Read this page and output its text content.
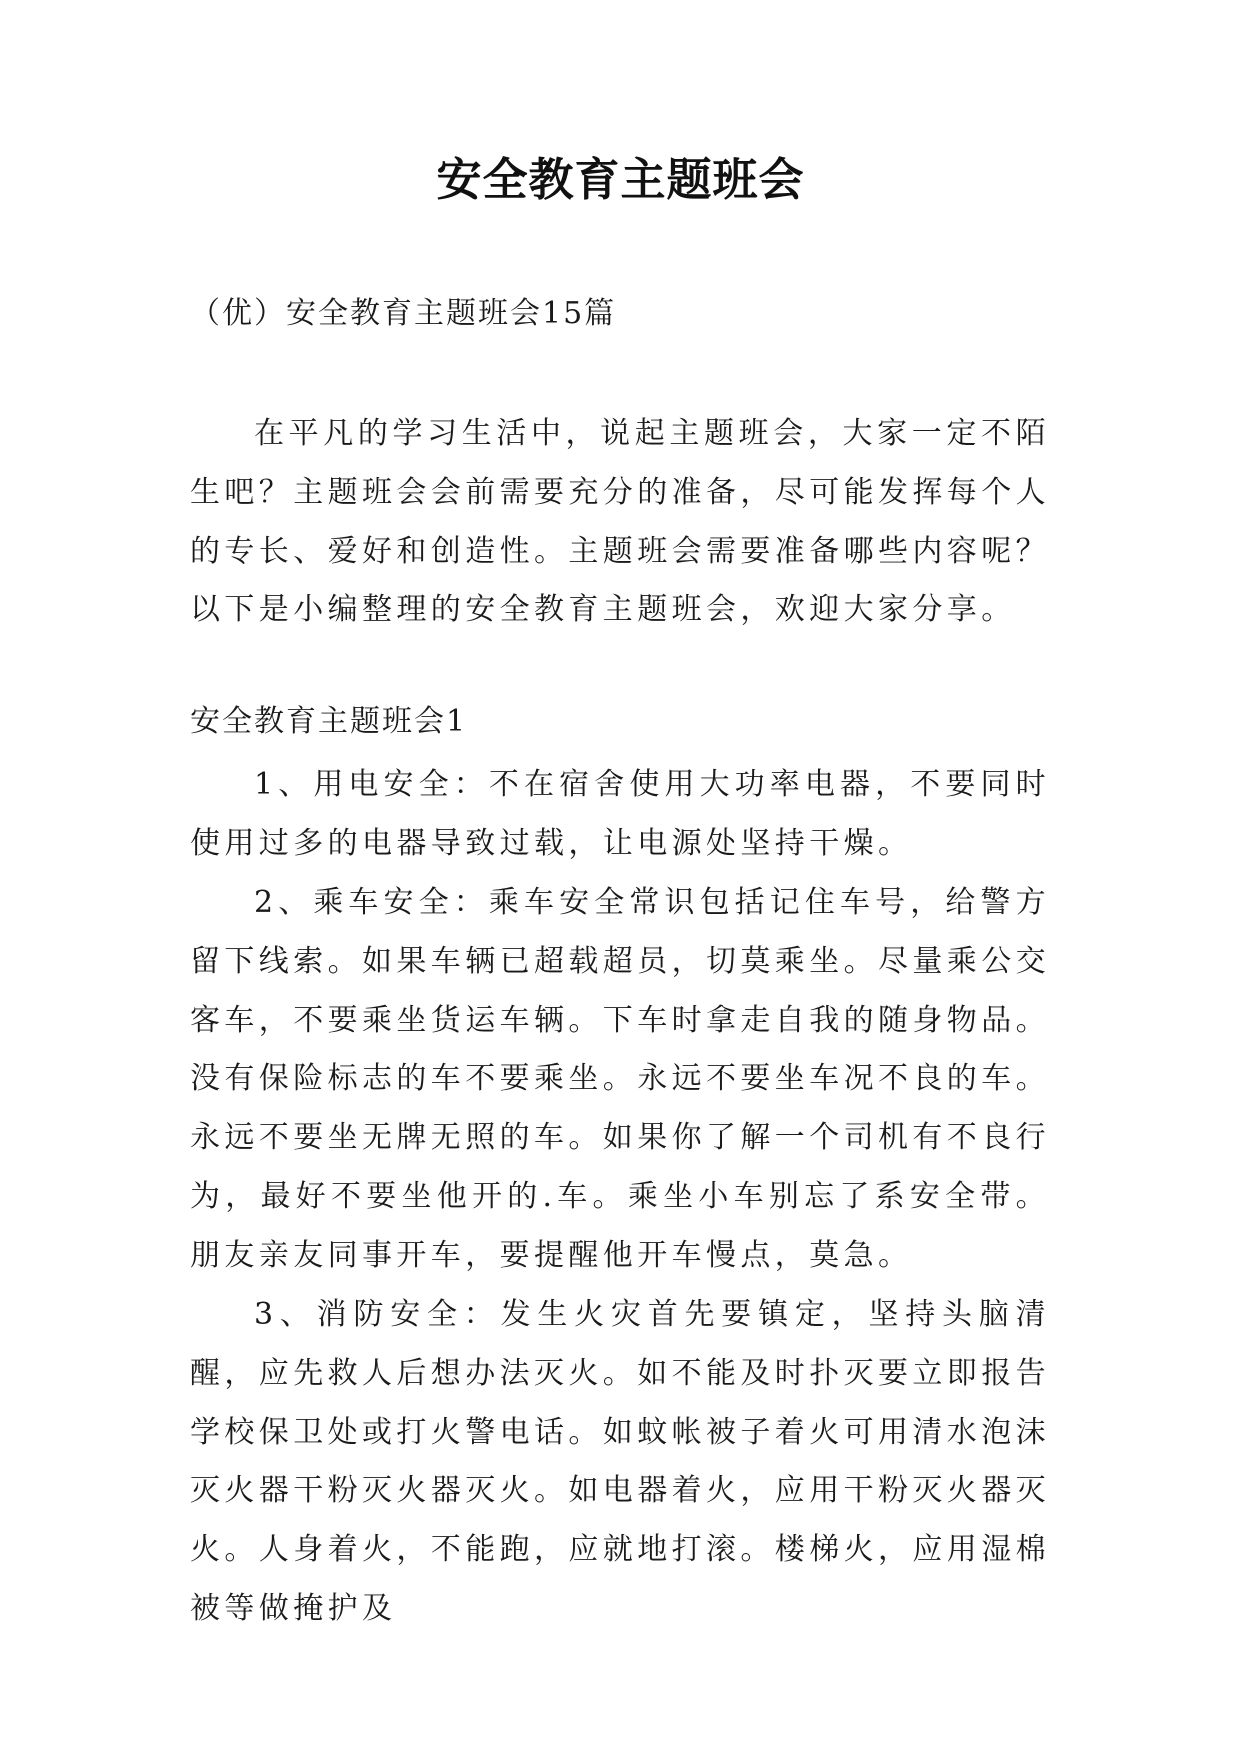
安全教育主题班会
（优）安全教育主题班会15篇

在平凡的学习生活中，说起主题班会，大家一定不陌生吧？主题班会会前需要充分的准备，尽可能发挥每个人的专长、爱好和创造性。主题班会需要准备哪些内容呢？以下是小编整理的安全教育主题班会，欢迎大家分享。

安全教育主题班会1

1、用电安全：不在宿舍使用大功率电器，不要同时使用过多的电器导致过载，让电源处坚持干燥。

2、乘车安全：乘车安全常识包括记住车号，给警方留下线索。如果车辆已超载超员，切莫乘坐。尽量乘公交客车，不要乘坐货运车辆。下车时拿走自我的随身物品。没有保险标志的车不要乘坐。永远不要坐车况不良的车。永远不要坐无牌无照的车。如果你了解一个司机有不良行为，最好不要坐他开的.车。乘坐小车别忘了系安全带。朋友亲友同事开车，要提醒他开车慢点，莫急。

3、消防安全：发生火灾首先要镇定，坚持头脑清醒，应先救人后想办法灭火。如不能及时扑灭要立即报告学校保卫处或打火警电话。如蚊帐被子着火可用清水泡沫灭火器干粉灭火器灭火。如电器着火，应用干粉灭火器灭火。人身着火，不能跑，应就地打滚。楼梯火，应用湿棉被等做掩护及
